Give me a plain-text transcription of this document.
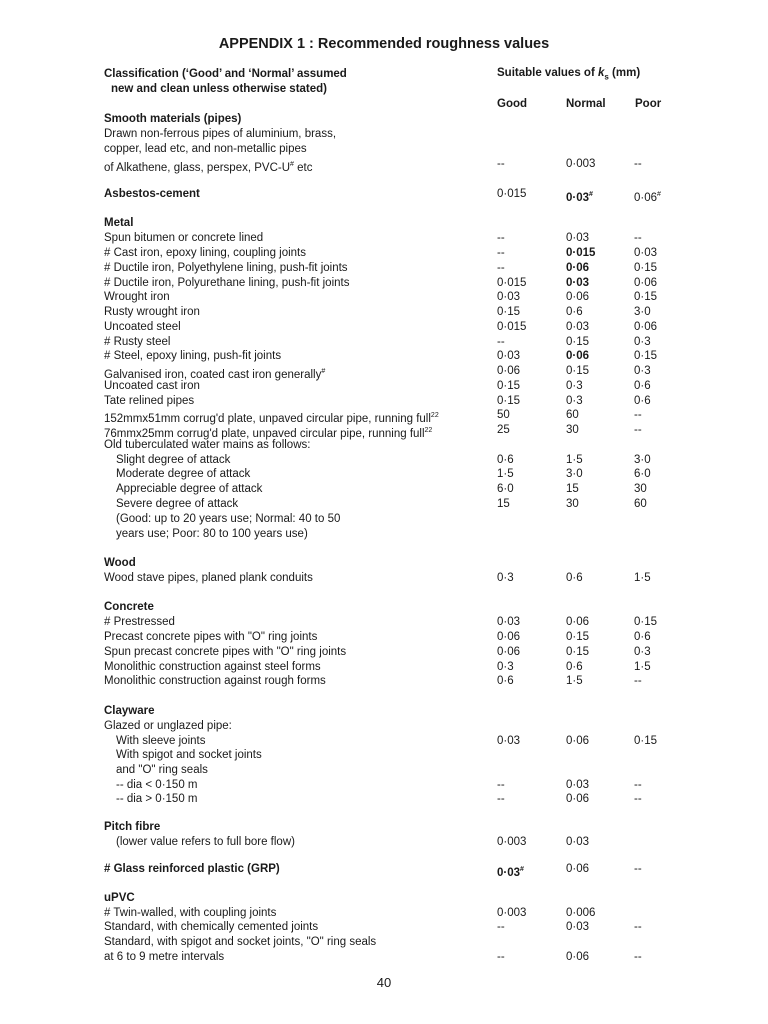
APPENDIX 1 : Recommended roughness values
Classification (‘Good’ and ‘Normal’ assumed
new and clean unless otherwise stated)
Suitable values of $k_s$ (mm)
Good	Normal	Poor
Smooth materials (pipes)
Drawn non-ferrous pipes of aluminium, brass,
copper, lead etc, and non-metallic pipes
of Alkathene, glass, perspex, PVC-U# etc	--	0·003	--
Asbestos-cement	0·015	0·03#	0·06#
Metal
Spun bitumen or concrete lined	--	0·03	--
# Cast iron, epoxy lining, coupling joints	--	0·015	0·03
# Ductile iron, Polyethylene lining, push-fit joints	--	0·06	0·15
# Ductile iron, Polyurethane lining, push-fit joints	0·015	0·03	0·06
Wrought iron	0·03	0·06	0·15
Rusty wrought iron	0·15	0·6	3·0
Uncoated steel	0·015	0·03	0·06
# Rusty steel	--	0·15	0·3
# Steel, epoxy lining, push-fit joints	0·03	0·06	0·15
Galvanised iron, coated cast iron generally#	0·06	0·15	0·3
Uncoated cast iron	0·15	0·3	0·6
Tate relined pipes	0·15	0·3	0·6
152mmx51mm corrug'd plate, unpaved circular pipe, running full$^{22}$	50	60	--
76mmx25mm corrug'd plate, unpaved circular pipe, running full$^{22}$	25	30	--
Old tuberculated water mains as follows:
Slight degree of attack	0·6	1·5	3·0
Moderate degree of attack	1·5	3·0	6·0
Appreciable degree of attack	6·0	15	30
Severe degree of attack	15	30	60
(Good: up to 20 years use; Normal: 40 to 50
years use; Poor: 80 to 100 years use)
Wood
Wood stave pipes, planed plank conduits	0·3	0·6	1·5
Concrete
# Prestressed	0·03	0·06	0·15
Precast concrete pipes with "O" ring joints	0·06	0·15	0·6
Spun precast concrete pipes with "O" ring joints	0·06	0·15	0·3
Monolithic construction against steel forms	0·3	0·6	1·5
Monolithic construction against rough forms	0·6	1·5	--
Clayware
Glazed or unglazed pipe:
With sleeve joints	0·03	0·06	0·15
With spigot and socket joints
and "O" ring seals
-- dia < 0·150 m	--	0·03	--
-- dia > 0·150 m	--	0·06	--
Pitch fibre
(lower value refers to full bore flow)	0·003	0·03
# Glass reinforced plastic (GRP)	0·03#	0·06	--
uPVC
# Twin-walled, with coupling joints	0·003	0·006
Standard, with chemically cemented joints	--	0·03	--
Standard, with spigot and socket joints, "O" ring seals
at 6 to 9 metre intervals	--	0·06	--
40
